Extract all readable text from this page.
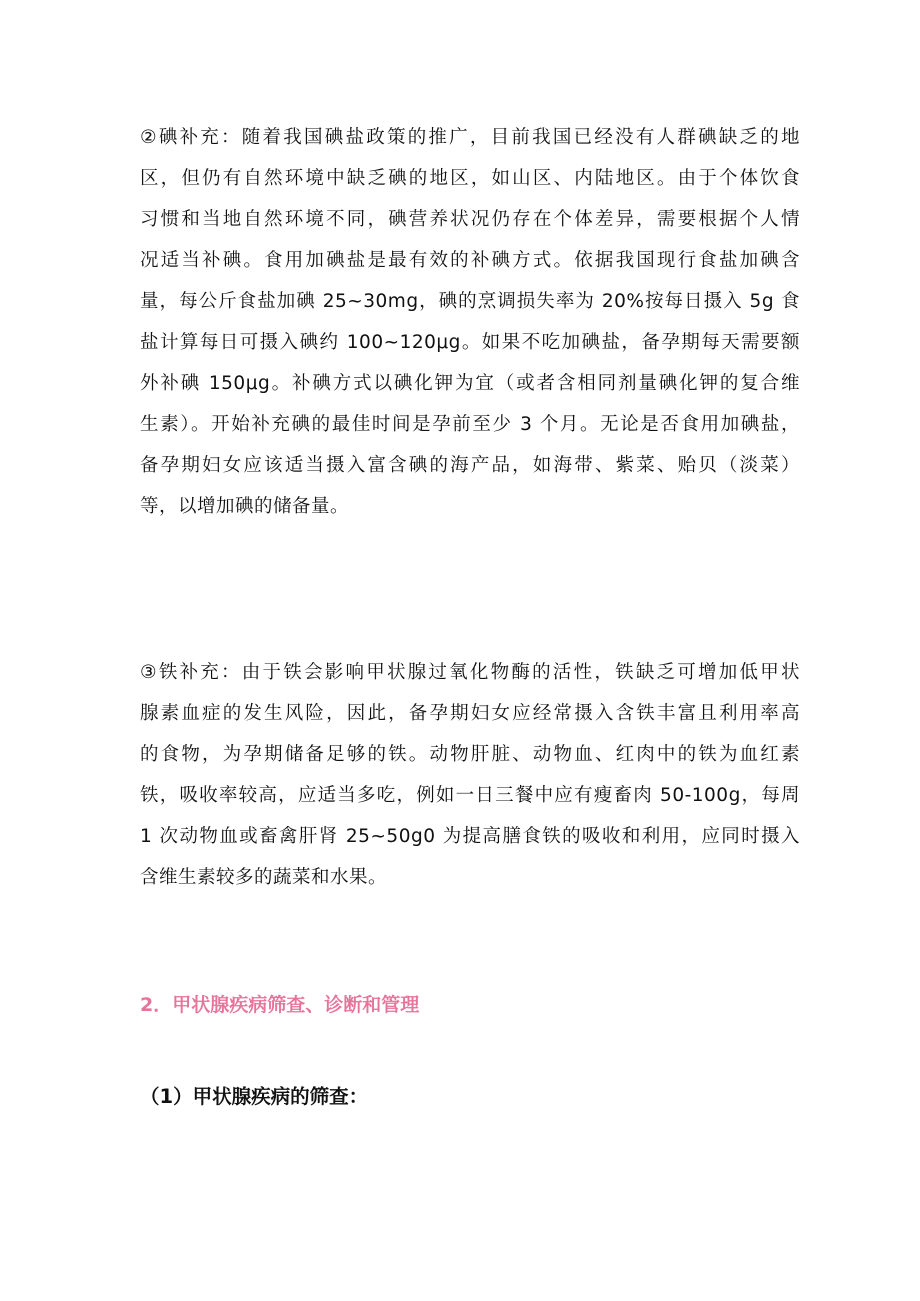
②碘补充：随着我国碘盐政策的推广，目前我国已经没有人群碘缺乏的地
区，但仍有自然环境中缺乏碘的地区，如山区、内陆地区。由于个体饮食
习惯和当地自然环境不同，碘营养状况仍存在个体差异，需要根据个人情
况适当补碘。食用加碘盐是最有效的补碘方式。依据我国现行食盐加碘含
量，每公斤食盐加碘 25~30mg，碘的烹调损失率为 20%按每日摄入 5g 食
盐计算每日可摄入碘约 100~120μg。如果不吃加碘盐，备孕期每天需要额
外补碘 150μg。补碘方式以碘化钾为宜（或者含相同剂量碘化钾的复合维
生素）。开始补充碘的最佳时间是孕前至少 3 个月。无论是否食用加碘盐，
备孕期妇女应该适当摄入富含碘的海产品，如海带、紫菜、贻贝（淡菜）
等，以增加碘的储备量。
③铁补充：由于铁会影响甲状腺过氧化物酶的活性，铁缺乏可增加低甲状
腺素血症的发生风险，因此，备孕期妇女应经常摄入含铁丰富且利用率高
的食物，为孕期储备足够的铁。动物肝脏、动物血、红肉中的铁为血红素
铁，吸收率较高，应适当多吃，例如一日三餐中应有瘦畜肉 50-100g，每周
1 次动物血或畜禽肝肾 25~50g0 为提高膳食铁的吸收和利用，应同时摄入
含维生素较多的蔬菜和水果。
2．甲状腺疾病筛查、诊断和管理
（1）甲状腺疾病的筛查：
